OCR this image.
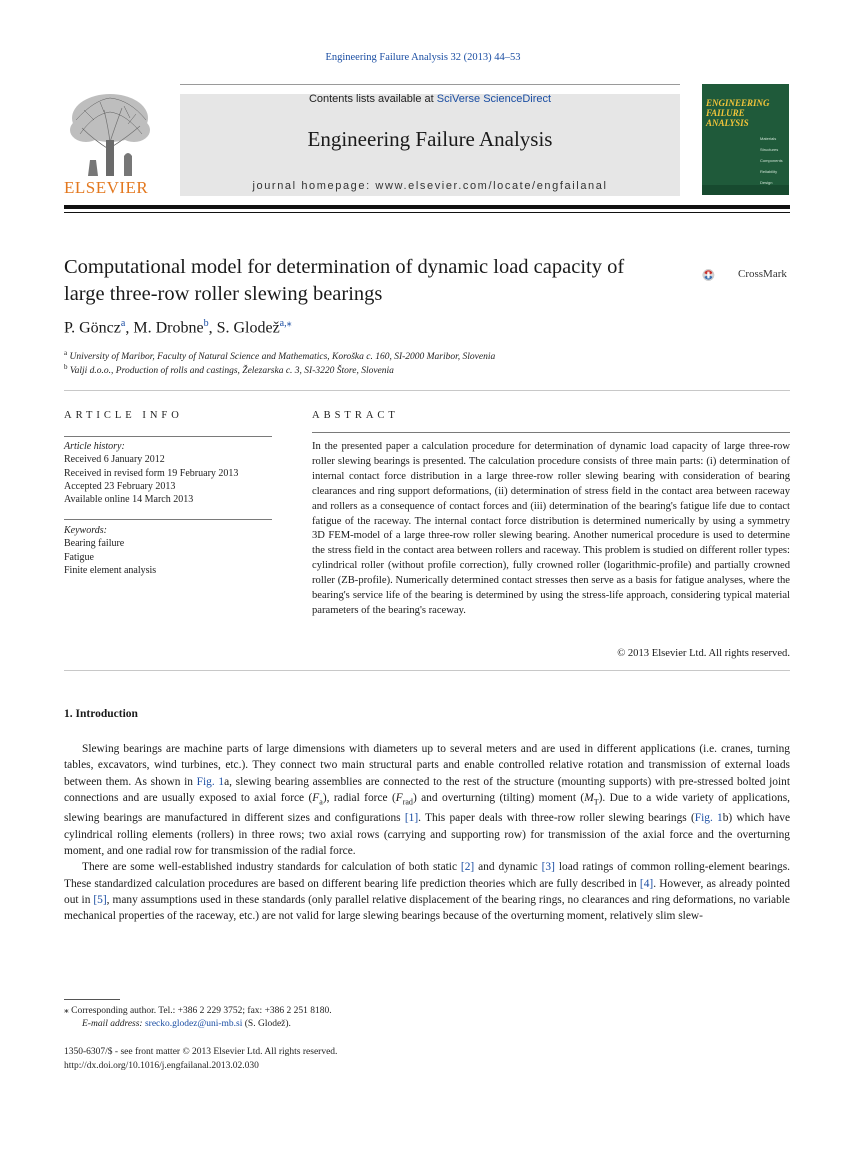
Engineering Failure Analysis 32 (2013) 44–53
Contents lists available at SciVerse ScienceDirect
Engineering Failure Analysis
journal homepage: www.elsevier.com/locate/engfailanal
ELSEVIER
ENGINEERING
FAILURE
ANALYSIS
Materials
Structures
Components
Reliability
Design
Computational model for determination of dynamic load capacity of large three-row roller slewing bearings
CrossMark
P. Göncz$^a$, M. Drobne$^b$, S. Glodež$^{a,⁎}$
$^a$ University of Maribor, Faculty of Natural Science and Mathematics, Koroška c. 160, SI-2000 Maribor, Slovenia
$^b$ Valji d.o.o., Production of rolls and castings, Železarska c. 3, SI-3220 Štore, Slovenia
ARTICLE INFO
Article history:
Received 6 January 2012
Received in revised form 19 February 2013
Accepted 23 February 2013
Available online 14 March 2013
Keywords:
Bearing failure
Fatigue
Finite element analysis
ABSTRACT
In the presented paper a calculation procedure for determination of dynamic load capacity of large three-row roller slewing bearings is presented. The calculation procedure consists of three main parts: (i) determination of internal contact force distribution in a large three-row roller slewing bearing with consideration of bearing clearances and ring support deformations, (ii) determination of stress field in the contact area between raceway and rollers as a consequence of contact forces and (iii) determination of the bearing's fatigue life due to contact fatigue of the raceway. The internal contact force distribution is determined numerically by using a symmetry 3D FEM-model of a large three-row roller slewing bearing. Another numerical procedure is used to determine the stress field in the contact area between rollers and raceway. This problem is studied on different roller types: cylindrical roller (without profile correction), fully crowned roller (logarithmic-profile) and partially crowned roller (ZB-profile). Numerically determined contact stresses then serve as a basis for fatigue analyses, where the bearing's service life of the bearing is determined by using the stress-life approach, considering typical material parameters of the bearing's raceway.
© 2013 Elsevier Ltd. All rights reserved.
1. Introduction

Slewing bearings are machine parts of large dimensions with diameters up to several meters and are used in different applications (i.e. cranes, turning tables, excavators, wind turbines, etc.). They connect two main structural parts and enable controlled relative rotation and transmission of external loads between them. As shown in Fig. 1a, slewing bearing assemblies are connected to the rest of the structure (mounting supports) with pre-stressed bolted joint connections and are usually exposed to axial force $(F_a)$, radial force $(F_{rad})$ and overturning (tilting) moment $(M_T)$. Due to a wide variety of applications, slewing bearings are manufactured in different sizes and configurations [1]. This paper deals with three-row roller slewing bearings (Fig. 1b) which have cylindrical rolling elements (rollers) in three rows; two axial rows (carrying and supporting row) for transmission of the axial force and the overturning moment, and one radial row for transmission of the radial force.

There are some well-established industry standards for calculation of both static [2] and dynamic [3] load ratings of common rolling-element bearings. These standardized calculation procedures are based on different bearing life prediction theories which are fully described in [4]. However, as already pointed out in [5], many assumptions used in these standards (only parallel relative displacement of the bearing rings, no clearances and ring deformations, no variable mechanical properties of the raceway, etc.) are not valid for large slewing bearings because of the overturning moment, relatively slim slew-

⁎ Corresponding author. Tel.: +386 2 229 3752; fax: +386 2 251 8180.
E-mail address: srecko.glodez@uni-mb.si (S. Glodež).
1350-6307/$ - see front matter © 2013 Elsevier Ltd. All rights reserved.
http://dx.doi.org/10.1016/j.engfailanal.2013.02.030
